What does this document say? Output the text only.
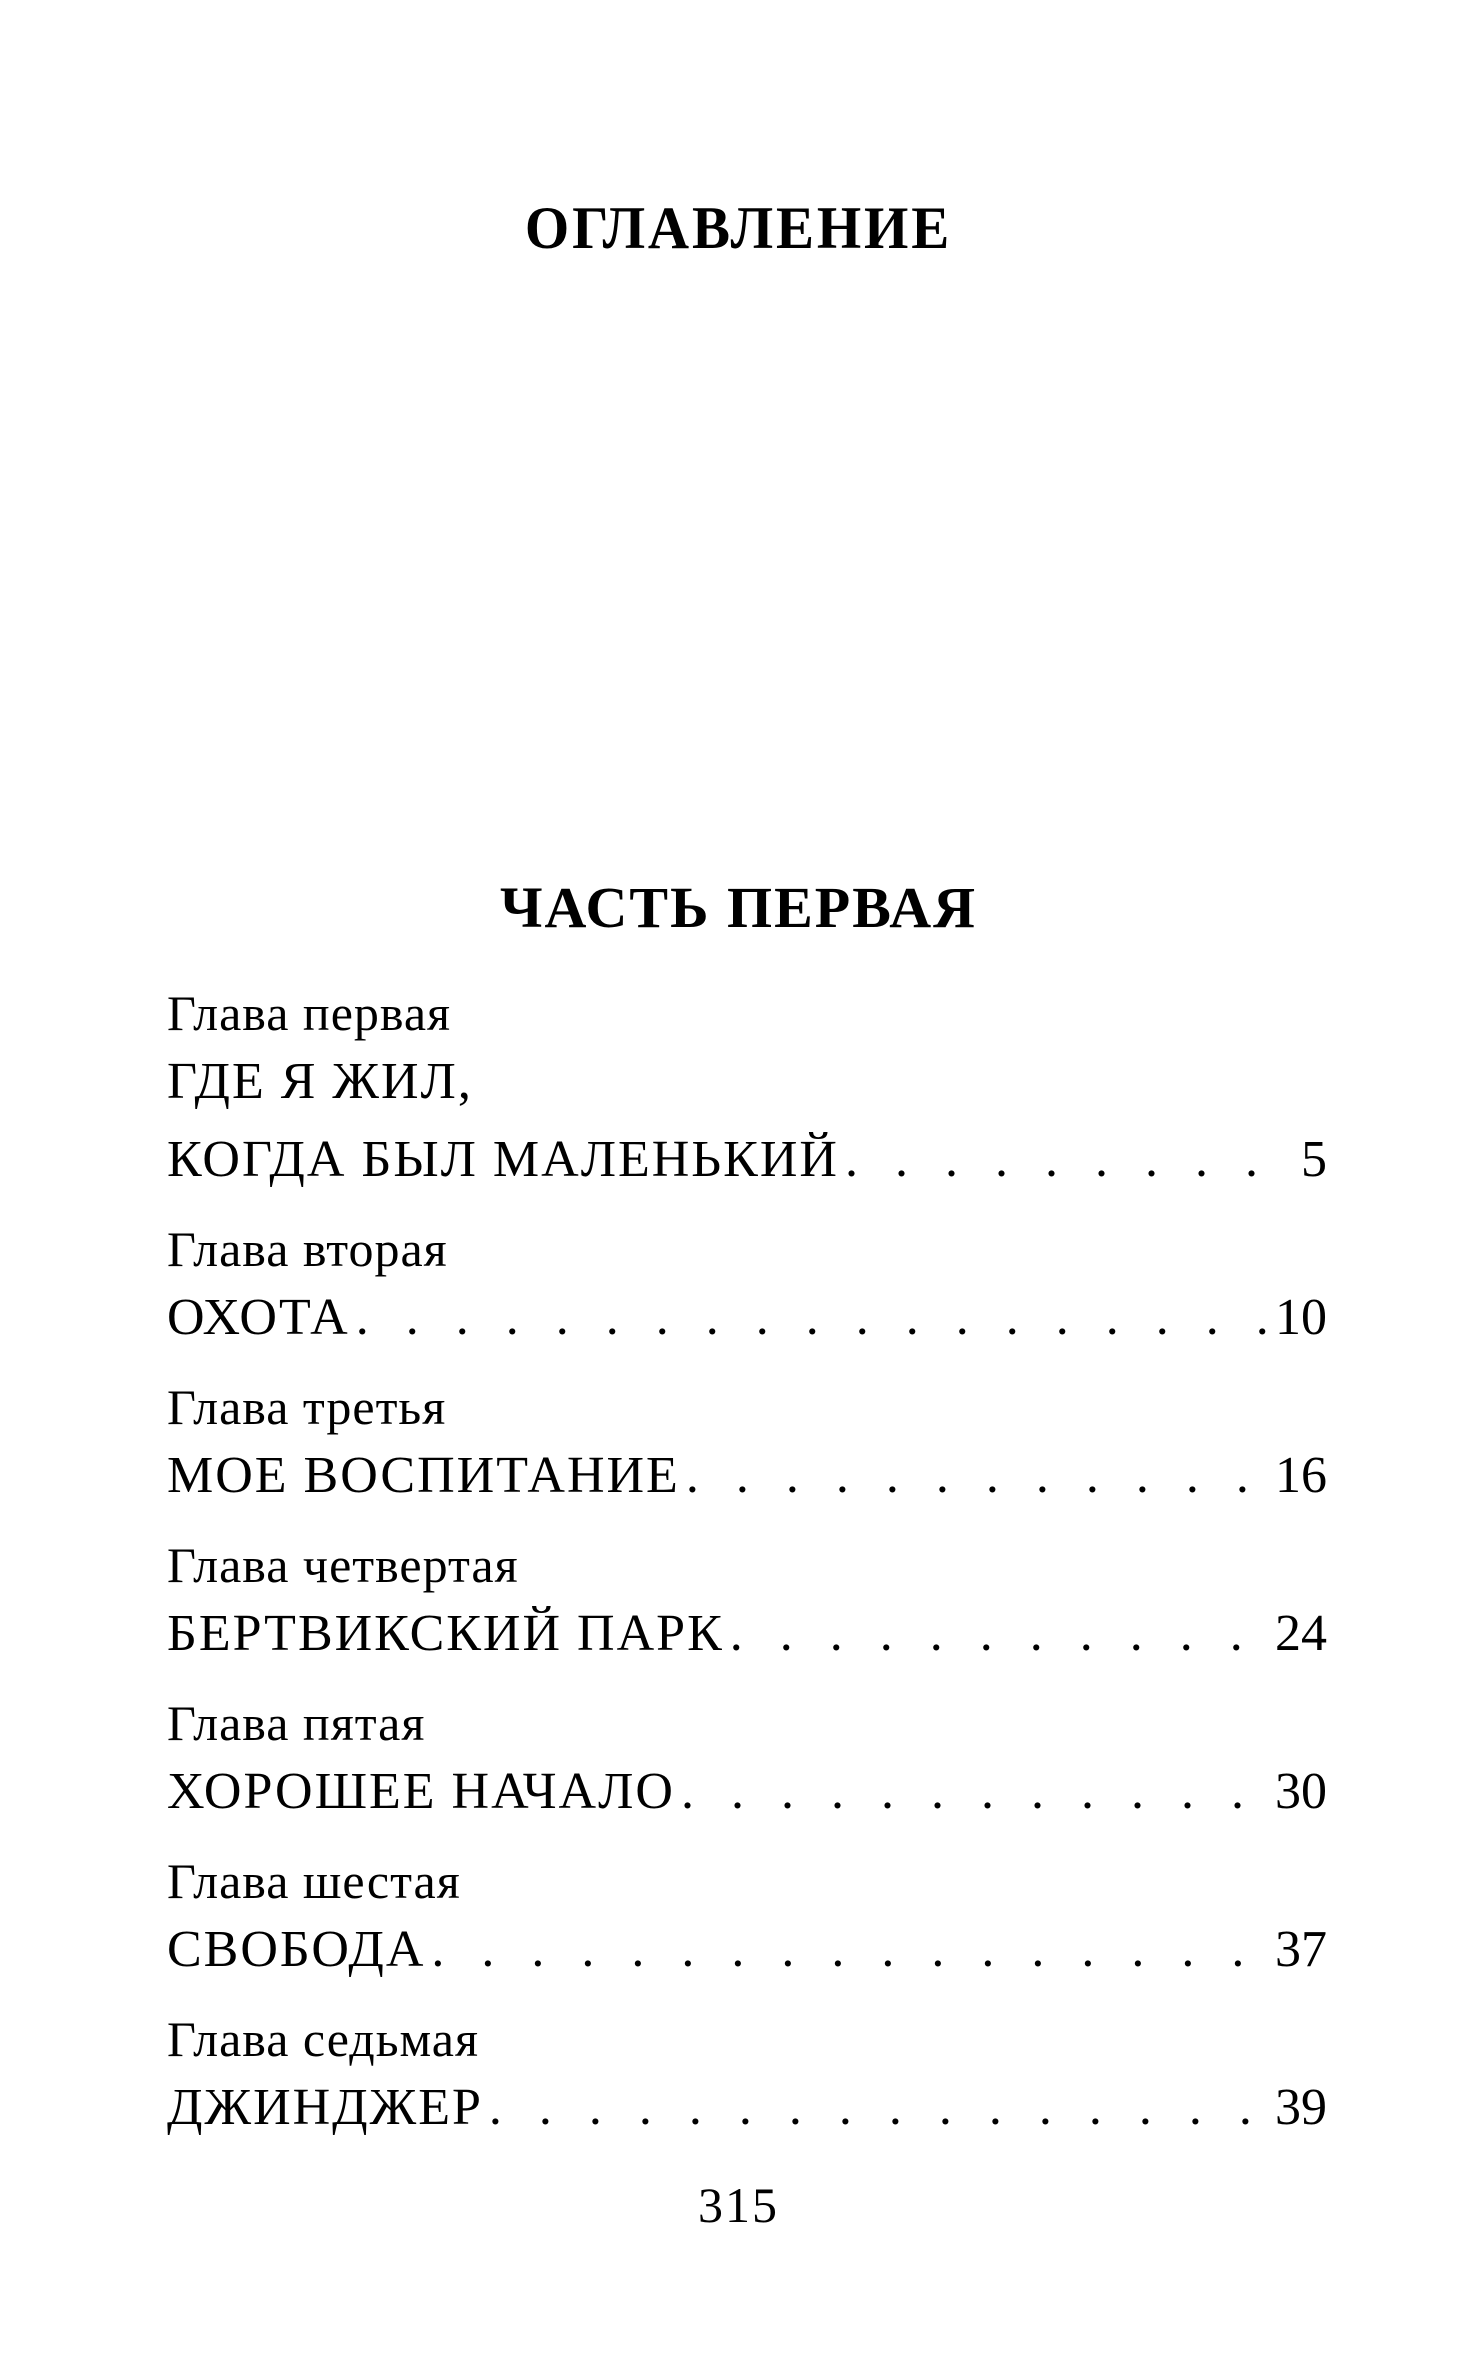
ОГЛАВЛЕНИЕ
ЧАСТЬ ПЕРВАЯ
Глава первая
ГДЕ Я ЖИЛ,
КОГДА БЫЛ МАЛЕНЬКИЙ . . .	5
Глава вторая
ОХОТА . . .	10
Глава третья
МОЕ ВОСПИТАНИЕ . . .	16
Глава четвертая
БЕРТВИКСКИЙ ПАРК . . .	24
Глава пятая
ХОРОШЕЕ НАЧАЛО . . .	30
Глава шестая
СВОБОДА . . .	37
Глава седьмая
ДЖИНДЖЕР . . .	39
315
